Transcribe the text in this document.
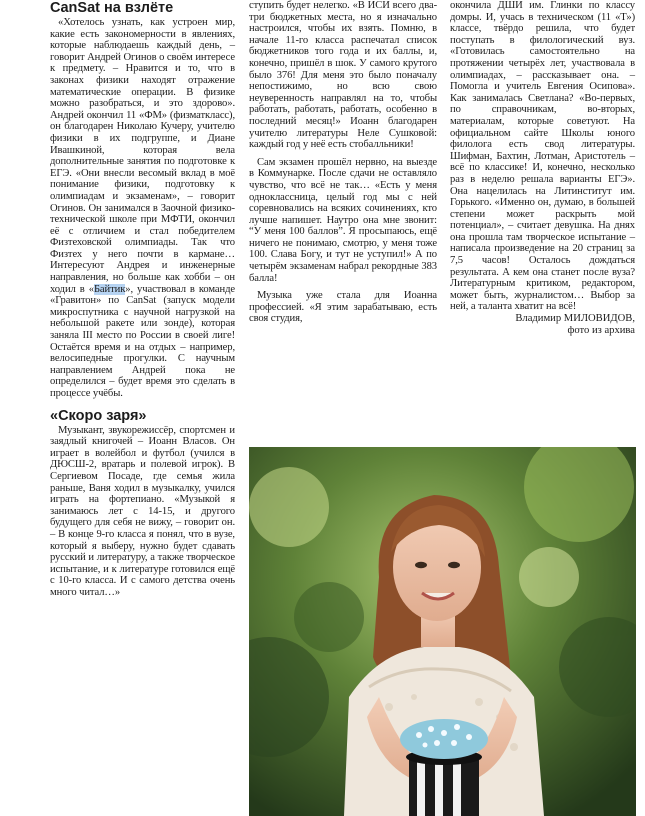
CanSat на взлёте

«Хотелось узнать, как устроен мир, какие есть закономерности в явлениях, которые наблюдаешь каждый день, – говорит Андрей Огинов о своём интересе к предмету. – Нравится и то, что в законах физики находят отражение математические операции. В физике можно разобраться, и это здорово». Андрей окончил 11 «ФМ» (физматкласс), он благодарен Николаю Кучеру, учителю физики в их подгруппе, и Диане Ивашкиной, которая вела дополнительные занятия по подготовке к ЕГЭ. «Они внесли весомый вклад в моё понимание физики, подготовку к олимпиадам и экзаменам», – говорит Огинов. Он занимался в Заочной физико-технической школе при МФТИ, окончил её с отличием и стал победителем Физтеховской олимпиады. Так что Физтех у него почти в кармане… Интересуют Андрея и инженерные направления, но больше как хобби – он ходил в «Байтик», участвовал в команде «Гравитон» по CanSat (запуск модели микроспутника с научной нагрузкой на небольшой ракете или зонде), которая заняла III место по России в своей лиге! Остаётся время и на отдых – например, велосипедные прогулки. С научным направлением Андрей пока не определился – будет время это сделать в процессе учёбы.

«Скоро заря»

Музыкант, звукорежиссёр, спортсмен и заядлый книгочей – Иоанн Власов. Он играет в волейбол и футбол (учился в ДЮСШ-2, вратарь и полевой игрок). В Сергиевом Посаде, где семья жила раньше, Ваня ходил в музыкалку, учился играть на фортепиано. «Музыкой я занимаюсь лет с 14-15, и другого будущего для себя не вижу, – говорит он. – В конце 9-го класса я понял, что в вузе, который я выберу, нужно будет сдавать русский и литературу, а также творческое испытание, и к литературе готовился ещё с 10-го класса. И с самого детства очень много читал…»

ступить будет нелегко. «В ИСИ всего два-три бюджетных места, но я изначально настроился, чтобы их взять. Помню, в начале 11-го класса распечатал список бюджетников того года и их баллы, и, конечно, пришёл в шок. У самого крутого было 376! Для меня это было поначалу непостижимо, но всю свою неуверенность направлял на то, чтобы работать, работать, работать, особенно в последний месяц!» Иоанн благодарен учителю литературы Неле Сушковой: каждый год у неё есть стобалльники!

Сам экзамен прошёл нервно, на выезде в Коммунарке. После сдачи не оставляло чувство, что всё не так… «Есть у меня одноклассница, целый год мы с ней соревновались на всяких сочинениях, кто лучше напишет. Наутро она мне звонит: “У меня 100 баллов”. Я просыпаюсь, ещё ничего не понимаю, смотрю, у меня тоже 100. Слава Богу, и тут не уступил!» А по четырём экзаменам набрал рекордные 383 балла!

Музыка уже стала для Иоанна профессией. «Я этим зарабатываю, есть своя студия,

окончила ДШИ им. Глинки по классу домры. И, учась в техническом (11 «Т») классе, твёрдо решила, что будет поступать в филологический вуз. «Готовилась самостоятельно на протяжении четырёх лет, участвовала в олимпиадах, – рассказывает она. – Помогла и учитель Евгения Осипова». Как занималась Светлана? «Во-первых, по справочникам, во-вторых, материалам, которые советуют. На официальном сайте Школы юного филолога есть свод литературы. Шифман, Бахтин, Лотман, Аристотель – всё по классике! И, конечно, несколько раз в неделю решала варианты ЕГЭ». Она нацелилась на Литинститут им. Горького. «Именно он, думаю, в большей степени может раскрыть мой потенциал», – считает девушка. На днях она прошла там творческое испытание – написала произведение на 20 страниц за 7,5 часов! Осталось дождаться результата. А кем она станет после вуза? Литературным критиком, редактором, может быть, журналистом… Выбор за ней, а таланта хватит на всё!

Владимир МИЛОВИДОВ,

фото из архива
